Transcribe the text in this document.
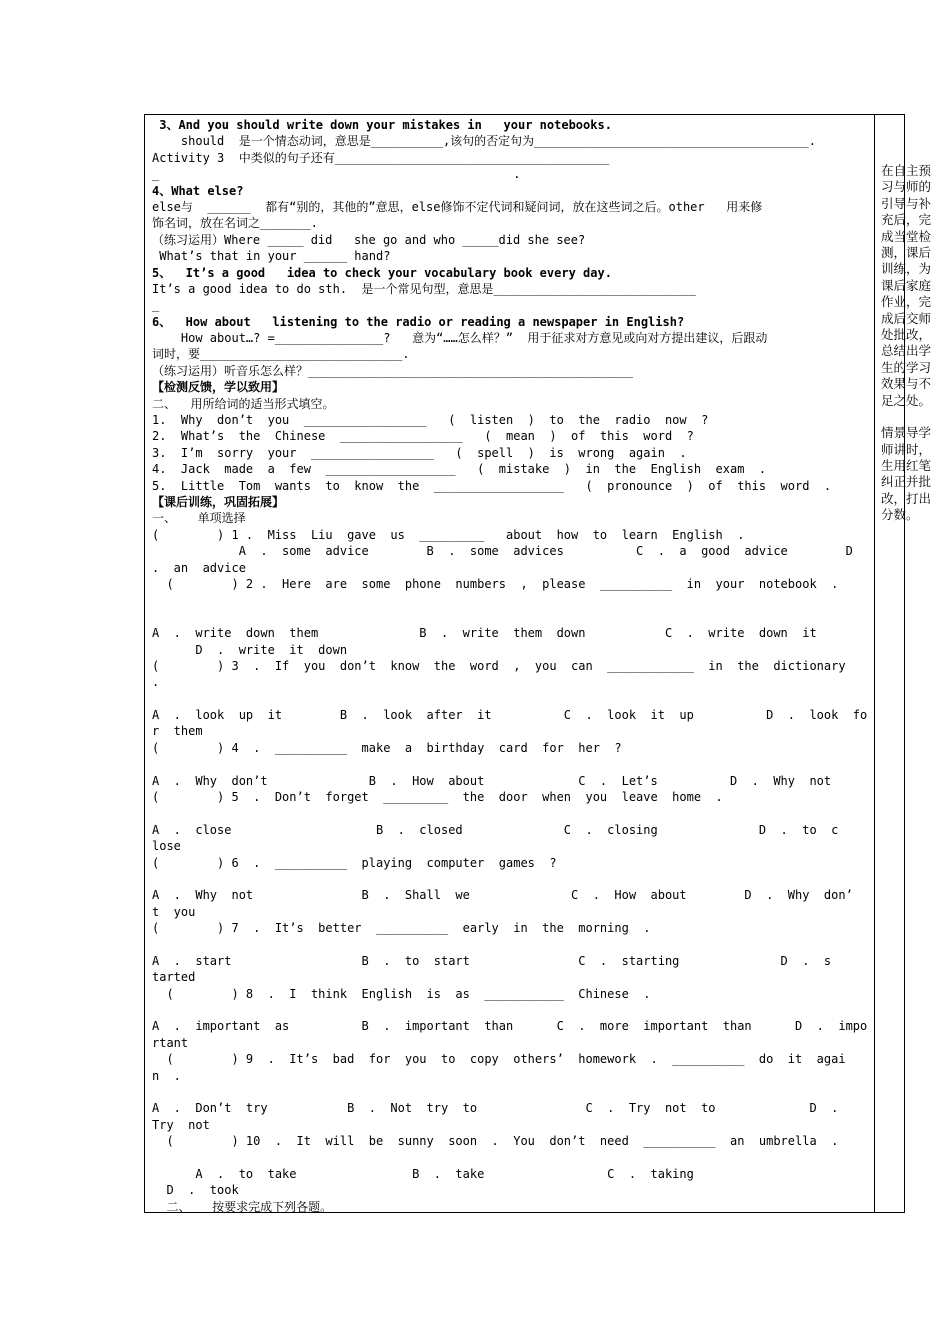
3、And you should write down your mistakes in   your notebooks.
should  是一个情态动词，意思是__________,该句的否定句为______________________________________.
Activity 3  中类似的句子还有______________________________________
_                                                 .
4、What else?
else与  ______  都有“别的，其他的”意思，else修饰不定代词和疑问词，放在这些词之后。other   用来修
饰名词，放在名词之_______.
（练习运用）Where _____ did   she go and who _____did she see?
What’s that in your ______ hand?
5、  It’s a good   idea to check your vocabulary book every day.
It’s a good idea to do sth.  是一个常见句型，意思是____________________________
_
6、  How about   listening to the radio or reading a newspaper in English?
How about…? =_______________?   意为“……怎么样？”  用于征求对方意见或向对方提出建议，后跟动
词时，要____________________________.
（练习运用）听音乐怎么样？_____________________________________________
【检测反馈，学以致用】
二、  用所给词的适当形式填空。
1.  Why  don’t  you  _________________   (  listen  )  to  the  radio  now  ?
2.  What’s  the  Chinese  _________________   (  mean  )  of  this  word  ?
3.  I’m  sorry  your  _________________   (  spell  )  is  wrong  again  .
4.  Jack  made  a  few  __________________   (  mistake  )  in  the  English  exam  .
5.  Little  Tom  wants  to  know  the  __________________   (  pronounce  )  of  this  word  .
【课后训练，巩固拓展】
一、   单项选择
(        ) 1 .  Miss  Liu  gave  us  _________   about  how  to  learn  English  .
A  .  some  advice        B  .  some  advices          C  .  a  good  advice        D
.  an  advice
(        ) 2 .  Here  are  some  phone  numbers  ,  please  __________  in  your  notebook  .
A  .  write  down  them              B  .  write  them  down           C  .  write  down  it
D  .  write  it  down
(        ) 3  .  If  you  don’t  know  the  word  ,  you  can  ____________  in  the  dictionary
.
A  .  look  up  it        B  .  look  after  it          C  .  look  it  up          D  .  look  fo
r  them
(        ) 4  .  __________  make  a  birthday  card  for  her  ?
A  .  Why  don’t              B  .  How  about             C  .  Let’s          D  .  Why  not
(        ) 5  .  Don’t  forget  _________  the  door  when  you  leave  home  .
A  .  close                    B  .  closed              C  .  closing              D  .  to  c
lose
(        ) 6  .  __________  playing  computer  games  ?
A  .  Why  not               B  .  Shall  we              C  .  How  about        D  .  Why  don’
t  you
(        ) 7  .  It’s  better  __________  early  in  the  morning  .
A  .  start                  B  .  to  start               C  .  starting              D  .  s
tarted
(        ) 8  .  I  think  English  is  as  ___________  Chinese  .
A  .  important  as          B  .  important  than      C  .  more  important  than      D  .  impo
rtant
(        ) 9  .  It’s  bad  for  you  to  copy  others’  homework  .  __________  do  it  agai
n  .
A  .  Don’t  try           B  .  Not  try  to               C  .  Try  not  to             D  .
Try  not
(        ) 10  .  It  will  be  sunny  soon  .  You  don’t  need  __________  an  umbrella  .
A  .  to  take                B  .  take                 C  .  taking
D  .  took
二、   按要求完成下列各题。

在自主预

习与师的

引导与补

充后，完

成当堂检

测，课后

训练，为

课后家庭

作业，完

成后交师

处批改，

总结出学

生的学习

效果与不

足之处。

情景导学

师讲时，

生用红笔

纠正并批

改，打出

分数。
